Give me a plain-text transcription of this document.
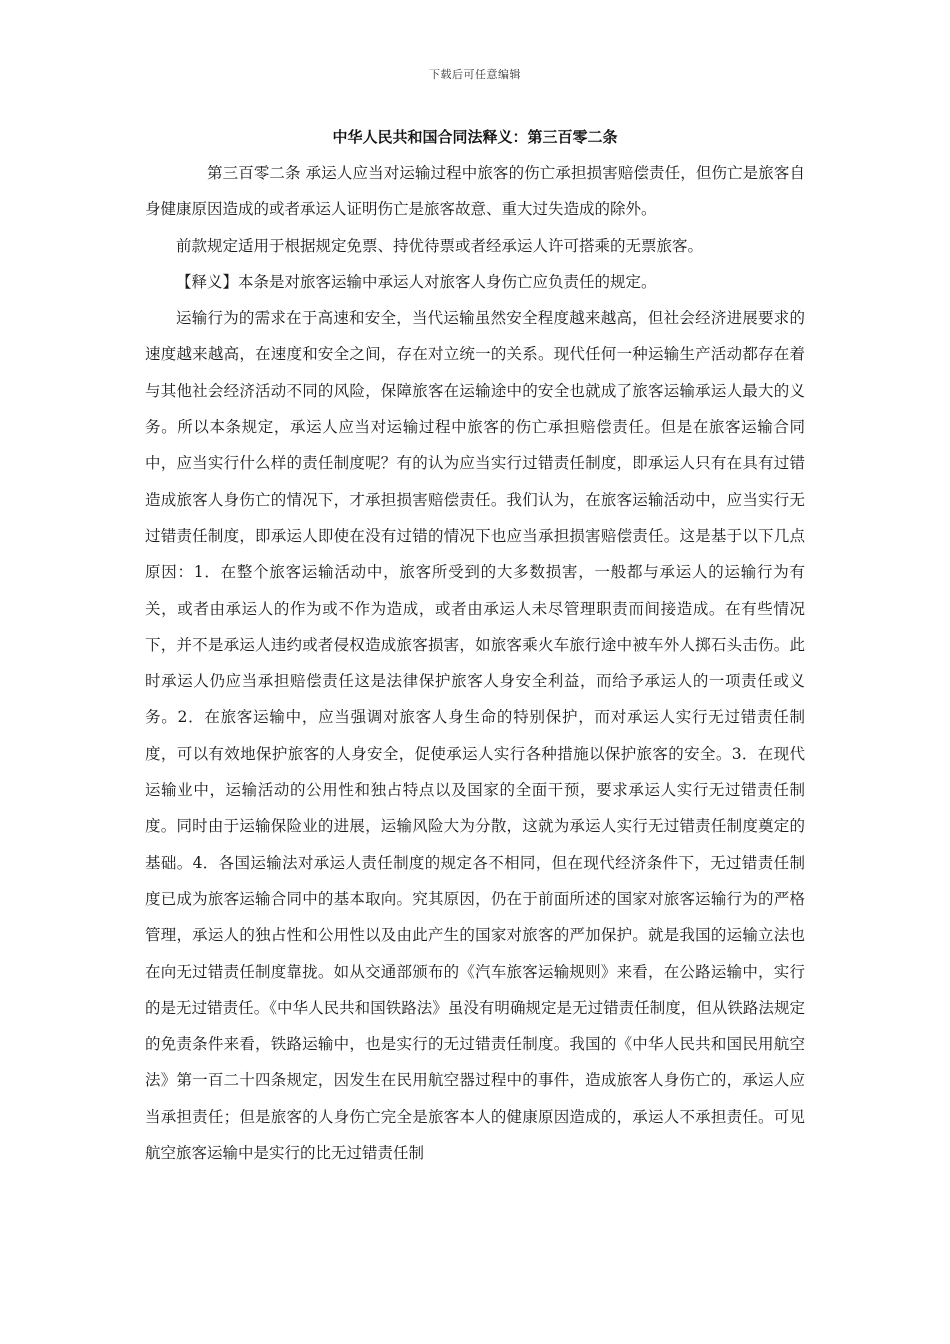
下载后可任意编辑
中华人民共和国合同法释义：第三百零二条

第三百零二条 承运人应当对运输过程中旅客的伤亡承担损害赔偿责任，但伤亡是旅客自身健康原因造成的或者承运人证明伤亡是旅客故意、重大过失造成的除外。

前款规定适用于根据规定免票、持优待票或者经承运人许可搭乘的无票旅客。

【释义】本条是对旅客运输中承运人对旅客人身伤亡应负责任的规定。

运输行为的需求在于高速和安全，当代运输虽然安全程度越来越高，但社会经济进展要求的速度越来越高，在速度和安全之间，存在对立统一的关系。现代任何一种运输生产活动都存在着与其他社会经济活动不同的风险，保障旅客在运输途中的安全也就成了旅客运输承运人最大的义务。所以本条规定，承运人应当对运输过程中旅客的伤亡承担赔偿责任。但是在旅客运输合同中，应当实行什么样的责任制度呢？有的认为应当实行过错责任制度，即承运人只有在具有过错造成旅客人身伤亡的情况下，才承担损害赔偿责任。我们认为，在旅客运输活动中，应当实行无过错责任制度，即承运人即使在没有过错的情况下也应当承担损害赔偿责任。这是基于以下几点原因：1．在整个旅客运输活动中，旅客所受到的大多数损害，一般都与承运人的运输行为有关，或者由承运人的作为或不作为造成，或者由承运人未尽管理职责而间接造成。在有些情况下，并不是承运人违约或者侵权造成旅客损害，如旅客乘火车旅行途中被车外人掷石头击伤。此时承运人仍应当承担赔偿责任这是法律保护旅客人身安全利益，而给予承运人的一项责任或义务。2．在旅客运输中，应当强调对旅客人身生命的特别保护，而对承运人实行无过错责任制度，可以有效地保护旅客的人身安全，促使承运人实行各种措施以保护旅客的安全。3．在现代运输业中，运输活动的公用性和独占特点以及国家的全面干预，要求承运人实行无过错责任制度。同时由于运输保险业的进展，运输风险大为分散，这就为承运人实行无过错责任制度奠定的基础。4．各国运输法对承运人责任制度的规定各不相同，但在现代经济条件下，无过错责任制度已成为旅客运输合同中的基本取向。究其原因，仍在于前面所述的国家对旅客运输行为的严格管理，承运人的独占性和公用性以及由此产生的国家对旅客的严加保护。就是我国的运输立法也在向无过错责任制度靠拢。如从交通部颁布的《汽车旅客运输规则》来看，在公路运输中，实行的是无过错责任。《中华人民共和国铁路法》虽没有明确规定是无过错责任制度，但从铁路法规定的免责条件来看，铁路运输中，也是实行的无过错责任制度。我国的《中华人民共和国民用航空法》第一百二十四条规定，因发生在民用航空器过程中的事件，造成旅客人身伤亡的，承运人应当承担责任；但是旅客的人身伤亡完全是旅客本人的健康原因造成的，承运人不承担责任。可见航空旅客运输中是实行的比无过错责任制
